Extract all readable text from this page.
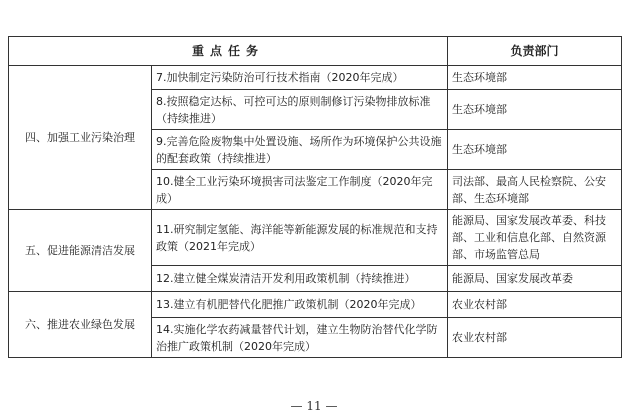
重点任务		负责部门
四、加强工业污染治理	7.加快制定污染防治可行技术指南（2020年完成）	生态环境部
	8.按照稳定达标、可控可达的原则制修订污染物排放标准（持续推进）	生态环境部
	9.完善危险废物集中处置设施、场所作为环境保护公共设施的配套政策（持续推进）	生态环境部
	10.健全工业污染环境损害司法鉴定工作制度（2020年完成）	司法部、最高人民检察院、公安部、生态环境部
五、促进能源清洁发展	11.研究制定氢能、海洋能等新能源发展的标准规范和支持政策（2021年完成）	能源局、国家发展改革委、科技部、工业和信息化部、自然资源部、市场监管总局
	12.建立健全煤炭清洁开发利用政策机制（持续推进）	能源局、国家发展改革委
六、推进农业绿色发展	13.建立有机肥替代化肥推广政策机制（2020年完成）	农业农村部
	14.实施化学农药减量替代计划，建立生物防治替代化学防治推广政策机制（2020年完成）	农业农村部
— 11 —
